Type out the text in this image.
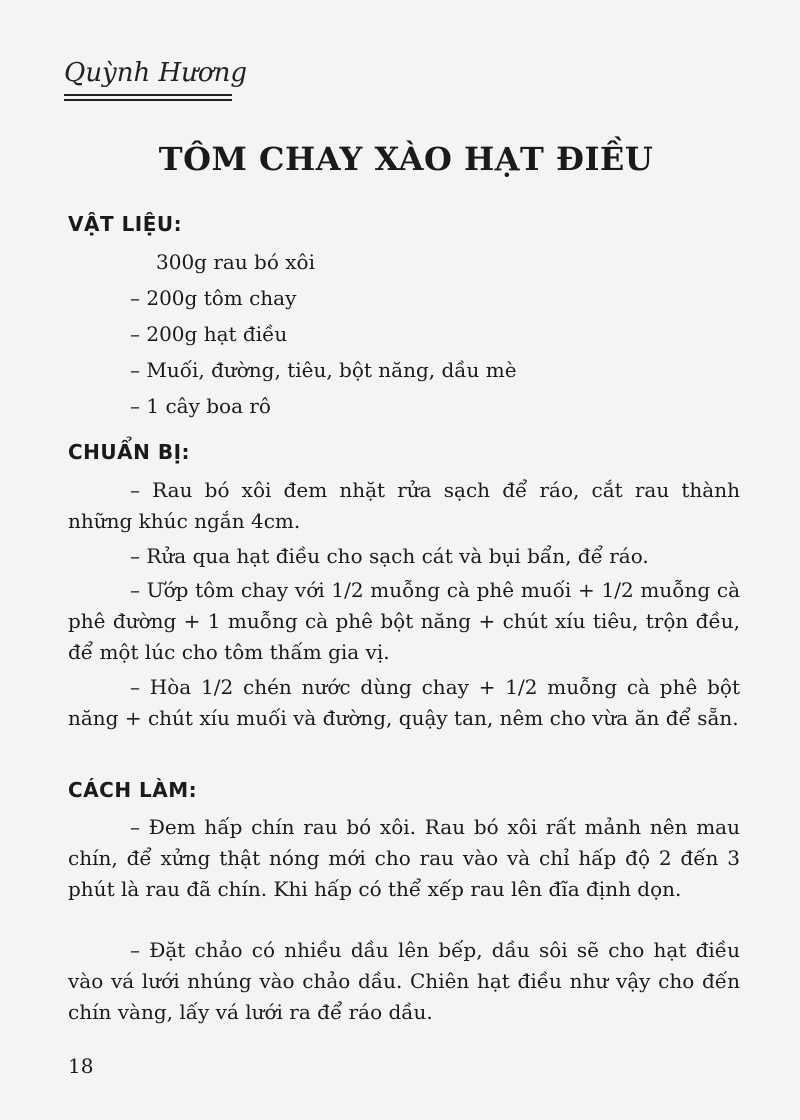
Quỳnh Hương
TÔM CHAY XÀO HẠT ĐIỀU
VẬT LIỆU:
300g rau bó xôi
– 200g tôm chay
– 200g hạt điều
– Muối, đường, tiêu, bột năng, dầu mè
– 1 cây boa rô
CHUẨN BỊ:
– Rau bó xôi đem nhặt rửa sạch để ráo, cắt rau thành những khúc ngắn 4cm.
– Rửa qua hạt điều cho sạch cát và bụi bẩn, để ráo.
– Ướp tôm chay với 1/2 muỗng cà phê muối + 1/2 muỗng cà phê đường + 1 muỗng cà phê bột năng + chút xíu tiêu, trộn đều, để một lúc cho tôm thấm gia vị.
– Hòa 1/2 chén nước dùng chay + 1/2 muỗng cà phê bột năng + chút xíu muối và đường, quậy tan, nêm cho vừa ăn để sẵn.
CÁCH LÀM:
– Đem hấp chín rau bó xôi. Rau bó xôi rất mảnh nên mau chín, để xửng thật nóng mới cho rau vào và chỉ hấp độ 2 đến 3 phút là rau đã chín. Khi hấp có thể xếp rau lên đĩa định dọn.
– Đặt chảo có nhiều dầu lên bếp, dầu sôi sẽ cho hạt điều vào vá lưới nhúng vào chảo dầu. Chiên hạt điều như vậy cho đến chín vàng, lấy vá lưới ra để ráo dầu.
18
